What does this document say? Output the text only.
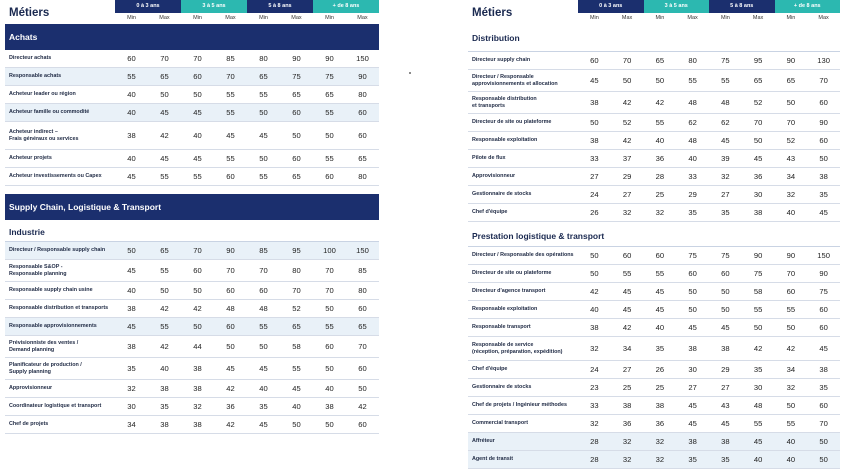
Métiers
0 à 3 ans	3 à 5 ans	5 à 8 ans	+ de 8 ans
Min	Max	Min	Max	Min	Max	Min	Max
Achats
Directeur achats	60	70	70	85	80	90	90	150
Responsable achats	55	65	60	70	65	75	75	90
Acheteur leader ou région	40	50	50	55	55	65	65	80
Acheteur famille ou commodité	40	45	45	55	50	60	55	60
Acheteur indirect –
Frais généraux ou services	38	42	40	45	45	50	50	60
Acheteur projets	40	45	45	55	50	60	55	65
Acheteur investissements ou Capex	45	55	55	60	55	65	60	80
Supply Chain, Logistique & Transport
Industrie
Directeur / Responsable supply chain	50	65	70	90	85	95	100	150
Responsable S&OP -
Responsable planning	45	55	60	70	70	80	70	85
Responsable supply chain usine	40	50	50	60	60	70	70	80
Responsable distribution et transports	38	42	42	48	48	52	50	60
Responsable approvisionnements	45	55	50	60	55	65	55	65
Prévisionniste des ventes /
Demand planning	38	42	44	50	50	58	60	70
Planificateur de production /
Supply planning	35	40	38	45	45	55	50	60
Approvisionneur	32	38	38	42	40	45	40	50
Coordinateur logistique et transport	30	35	32	36	35	40	38	42
Chef de projets	34	38	38	42	45	50	50	60
Métiers
0 à 3 ans	3 à 5 ans	5 à 8 ans	+ de 8 ans
Min	Max	Min	Max	Min	Max	Min	Max
Distribution
Directeur supply chain	60	70	65	80	75	95	90	130
Directeur / Responsable
approvisionnements et allocation	45	50	50	55	55	65	65	70
Responsable distribution
et transports	38	42	42	48	48	52	50	60
Directeur de site ou plateforme	50	52	55	62	62	70	70	90
Responsable exploitation	38	42	40	48	45	50	52	60
Pilote de flux	33	37	36	40	39	45	43	50
Approvisionneur	27	29	28	33	32	36	34	38
Gestionnaire de stocks	24	27	25	29	27	30	32	35
Chef d'équipe	26	32	32	35	35	38	40	45
Prestation logistique & transport
Directeur / Responsable des opérations	50	60	60	75	75	90	90	150
Directeur de site ou plateforme	50	55	55	60	60	75	70	90
Directeur d'agence transport	42	45	45	50	50	58	60	75
Responsable exploitation	40	45	45	50	50	55	55	60
Responsable transport	38	42	40	45	45	50	50	60
Responsable de service
(réception, préparation, expédition)	32	34	35	38	38	42	42	45
Chef d'équipe	24	27	26	30	29	35	34	38
Gestionnaire de stocks	23	25	25	27	27	30	32	35
Chef de projets / Ingénieur méthodes	33	38	38	45	43	48	50	60
Commercial transport	32	36	36	45	45	55	55	70
Affréteur	28	32	32	38	38	45	40	50
Agent de transit	28	32	32	35	35	40	40	50
